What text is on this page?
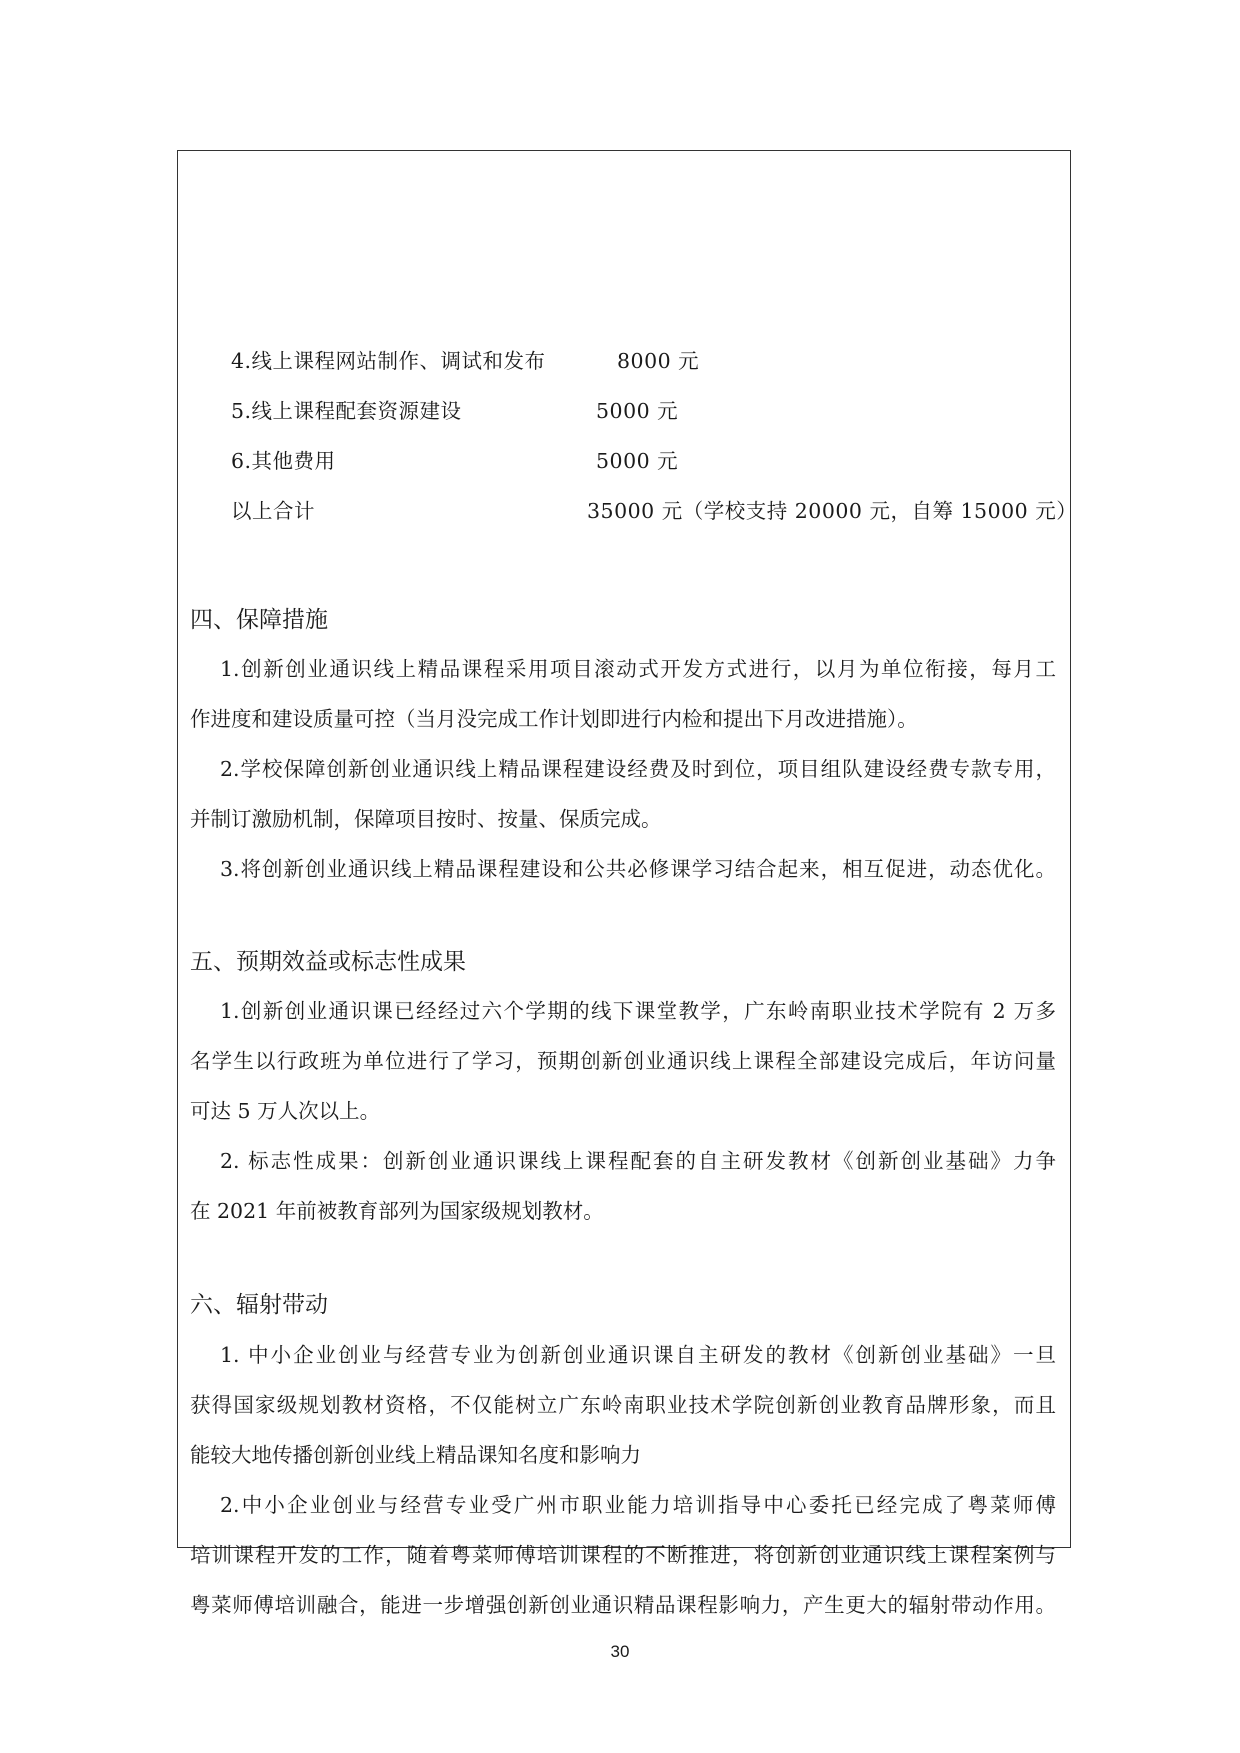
4.线上课程网站制作、调试和发布	8000 元
5.线上课程配套资源建设	5000 元
6.其他费用	5000 元
以上合计	35000 元（学校支持 20000 元，自筹 15000 元）
四、保障措施
1.创新创业通识线上精品课程采用项目滚动式开发方式进行，以月为单位衔接，每月工
作进度和建设质量可控（当月没完成工作计划即进行内检和提出下月改进措施）。
2.学校保障创新创业通识线上精品课程建设经费及时到位，项目组队建设经费专款专用，
并制订激励机制，保障项目按时、按量、保质完成。
3.将创新创业通识线上精品课程建设和公共必修课学习结合起来，相互促进，动态优化。
五、预期效益或标志性成果
1.创新创业通识课已经经过六个学期的线下课堂教学，广东岭南职业技术学院有 2 万多
名学生以行政班为单位进行了学习，预期创新创业通识线上课程全部建设完成后，年访问量
可达 5 万人次以上。
2. 标志性成果：创新创业通识课线上课程配套的自主研发教材《创新创业基础》力争
在 2021 年前被教育部列为国家级规划教材。
六、辐射带动
1. 中小企业创业与经营专业为创新创业通识课自主研发的教材《创新创业基础》一旦
获得国家级规划教材资格，不仅能树立广东岭南职业技术学院创新创业教育品牌形象，而且
能较大地传播创新创业线上精品课知名度和影响力
2.中小企业创业与经营专业受广州市职业能力培训指导中心委托已经完成了粤菜师傅
培训课程开发的工作，随着粤菜师傅培训课程的不断推进，将创新创业通识线上课程案例与
粤菜师傅培训融合，能进一步增强创新创业通识精品课程影响力，产生更大的辐射带动作用。
30
